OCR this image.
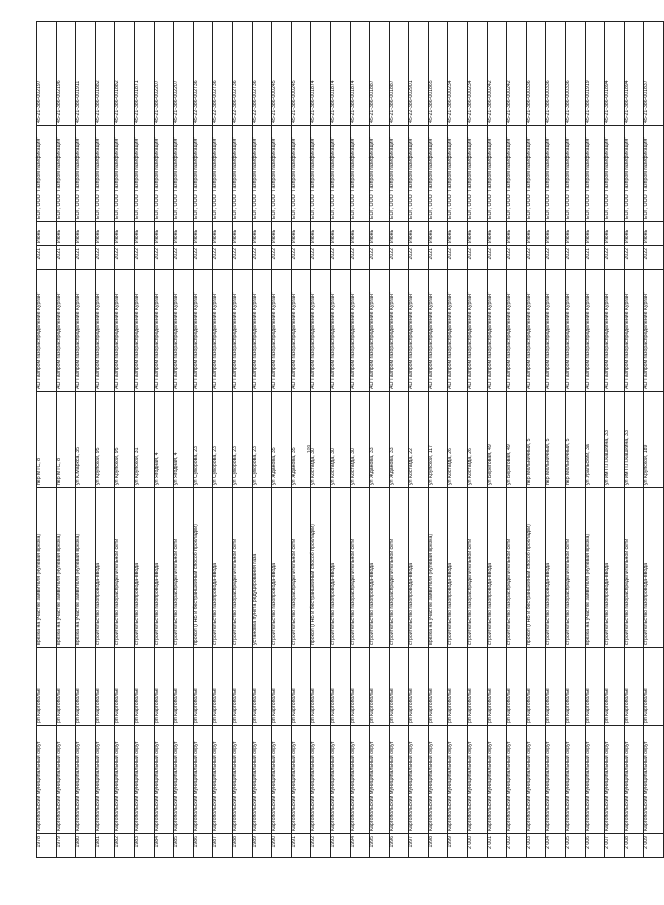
109
1978	Каргопольский муниципальный округ	рп Каргополье	врезка на участке заявителя (нулевая врезка)	пер МТС, 8	АО"Газпром газораспределение Курган"	2021	Июнь	ЕОГ, ООО "Газпром газификация"	45-21-386-002197
1979	Каргопольский муниципальный округ	рп Каргополье	врезка на участке заявителя (нулевая врезка)	пер МТС, 8	АО"Газпром газораспределение Курган"	2021	Июнь	ЕОГ, ООО "Газпром газификация"	45-21-386-002196
1980	Каргопольский муниципальный округ	рп Каргополье	врезка на участке заявителя (нулевая врезка)	ул К.Маркса, 35	АО"Газпром газораспределение Курган"	2021	Июнь	ЕОГ, ООО "Газпром газификация"	45-21-386-001911
1981	Каргопольский муниципальный округ	рп Каргополье	строительство газопровода-ввода	ул Крупской, 95	АО"Газпром газораспределение Курган"	2022	Июнь	ЕОГ, ООО "Газпром газификация"	45-21-386-001882
1982	Каргопольский муниципальный округ	рп Каргополье	строительство газораспределительной сети	ул Крупской, 95	АО"Газпром газораспределение Курган"	2022	Июнь	ЕОГ, ООО "Газпром газификация"	45-21-386-001882
1983	Каргопольский муниципальный округ	рп Каргополье	строительство газопровода-ввода	ул Крупской, 31	АО"Газпром газораспределение Курган"	2022	Июнь	ЕОГ, ООО "Газпром газификация"	45-21-386-001871
1984	Каргопольский муниципальный округ	рп Каргополье	строительство газопровода-ввода	ул Ягодная, 4	АО"Газпром газораспределение Курган"	2022	Июнь	ЕОГ, ООО "Газпром газификация"	45-21-386-002207
1985	Каргопольский муниципальный округ	рп Каргополье	строительство газораспределительной сети	ул Ягодная, 4	АО"Газпром газораспределение Курган"	2022	Июнь	ЕОГ, ООО "Газпром газификация"	45-21-386-002207
1986	Каргопольский муниципальный округ	рп Каргополье	прокол (ГНБ и бестраншейный способ прокладки)	ул Суворова, 23	АО"Газпром газораспределение Курган"	2022	Июнь	ЕОГ, ООО "Газпром газификация"	45-22-386-002736
1987	Каргопольский муниципальный округ	рп Каргополье	строительство газопровода-ввода	ул Суворова, 23	АО"Газпром газораспределение Курган"	2022	Июнь	ЕОГ, ООО "Газпром газификация"	45-22-386-002736
1988	Каргопольский муниципальный округ	рп Каргополье	строительство газораспределительной сети	ул Суворова, 23	АО"Газпром газораспределение Курган"	2022	Июнь	ЕОГ, ООО "Газпром газификация"	45-22-386-002736
1989	Каргопольский муниципальный округ	рп Каргополье	установка пункта редуцирования газа	ул Суворова, 23	АО"Газпром газораспределение Курган"	2022	Июнь	ЕОГ, ООО "Газпром газификация"	45-22-386-002736
1990	Каргопольский муниципальный округ	рп Каргополье	строительство газопровода-ввода	ул Жданова, 35	АО"Газпром газораспределение Курган"	2022	Июнь	ЕОГ, ООО "Газпром газификация"	45-21-386-000245
1991	Каргопольский муниципальный округ	рп Каргополье	строительство газораспределительной сети	ул Жданова, 35	АО"Газпром газораспределение Курган"	2022	Июнь	ЕОГ, ООО "Газпром газификация"	45-21-386-000245
1992	Каргопольский муниципальный округ	рп Каргополье	прокол (ГНБ и бестраншейный способ прокладки)	ул Костагда, 30	АО"Газпром газораспределение Курган"	2022	Июнь	ЕОГ, ООО "Газпром газификация"	45-21-386-001874
1993	Каргопольский муниципальный округ	рп Каргополье	строительство газопровода-ввода	ул Костагда, 30	АО"Газпром газораспределение Курган"	2022	Июнь	ЕОГ, ООО "Газпром газификация"	45-21-386-001874
1994	Каргопольский муниципальный округ	рп Каргополье	строительство газораспределительной сети	ул Костагда, 30	АО"Газпром газораспределение Курган"	2022	Июнь	ЕОГ, ООО "Газпром газификация"	45-21-386-001874
1995	Каргопольский муниципальный округ	рп Каргополье	строительство газопровода-ввода	ул Жданова, 33	АО"Газпром газораспределение Курган"	2022	Июнь	ЕОГ, ООО "Газпром газификация"	45-21-386-001887
1996	Каргопольский муниципальный округ	рп Каргополье	строительство газораспределительной сети	ул Жданова, 33	АО"Газпром газораспределение Курган"	2022	Июнь	ЕОГ, ООО "Газпром газификация"	45-21-386-001887
1997	Каргопольский муниципальный округ	рп Каргополье	строительство газопровода-ввода	ул Костагда, 22	АО"Газпром газораспределение Курган"	2022	Июнь	ЕОГ, ООО "Газпром газификация"	45-22-386-002901
1998	Каргопольский муниципальный округ	рп Каргополье	врезка на участке заявителя (нулевая врезка)	ул Крупской, 117	АО"Газпром газораспределение Курган"	2021	Июнь	ЕОГ, ООО "Газпром газификация"	45-21-386-001865
1999	Каргопольский муниципальный округ	рп Каргополье	строительство газопровода-ввода	ул Костагда, 26	АО"Газпром газораспределение Курган"	2022	Июнь	ЕОГ, ООО "Газпром газификация"	45-21-386-000234
2 000	Каргопольский муниципальный округ	рп Каргополье	строительство газораспределительной сети	ул Костагда, 26	АО"Газпром газораспределение Курган"	2022	Июнь	ЕОГ, ООО "Газпром газификация"	45-21-386-000234
2 001	Каргопольский муниципальный округ	рп Каргополье	строительство газопровода-ввода	ул Береговая, 49	АО"Газпром газораспределение Курган"	2022	Июнь	ЕОГ, ООО "Газпром газификация"	45-21-386-000242
2 002	Каргопольский муниципальный округ	рп Каргополье	строительство газораспределительной сети	ул Береговая, 49	АО"Газпром газораспределение Курган"	2022	Июнь	ЕОГ, ООО "Газпром газификация"	45-21-386-000242
2 003	Каргопольский муниципальный округ	рп Каргополье	прокол (ГНБ и бестраншейный способ прокладки)	пер Мельничный, 5	АО"Газпром газораспределение Курган"	2022	Июнь	ЕОГ, ООО "Газпром газификация"	45-21-386-000336
2 004	Каргопольский муниципальный округ	рп Каргополье	строительство газопровода-ввода	пер Мельничный, 5	АО"Газпром газораспределение Курган"	2022	Июнь	ЕОГ, ООО "Газпром газификация"	45-21-386-000336
2 005	Каргопольский муниципальный округ	рп Каргополье	строительство газораспределительной сети	пер Мельничный, 5	АО"Газпром газораспределение Курган"	2022	Июнь	ЕОГ, ООО "Газпром газификация"	45-21-386-000336
2 006	Каргопольский муниципальный округ	рп Каргополье	врезка на участке заявителя (нулевая врезка)	ул Уральский, 3а	АО"Газпром газораспределение Курган"	2021	Июнь	ЕОГ, ООО "Газпром газификация"	45-21-386-001919
2 007	Каргопольский муниципальный округ	рп Каргополье	строительство газопровода-ввода	ул им П.П.Кашкина, 33	АО"Газпром газораспределение Курган"	2022	Июнь	ЕОГ, ООО "Газпром газификация"	45-21-386-001894
2 008	Каргопольский муниципальный округ	рп Каргополье	строительство газораспределительной сети	ул им П.П.Кашкина, 33	АО"Газпром газораспределение Курган"	2022	Июнь	ЕОГ, ООО "Газпром газификация"	45-21-386-001894
2 009	Каргопольский муниципальный округ	рп Каргополье	строительство газопровода-ввода	ул Крупской, 189	АО"Газпром газораспределение Курган"	2022	Июнь	ЕОГ, ООО "Газпром газификация"	45-21-386-001837
